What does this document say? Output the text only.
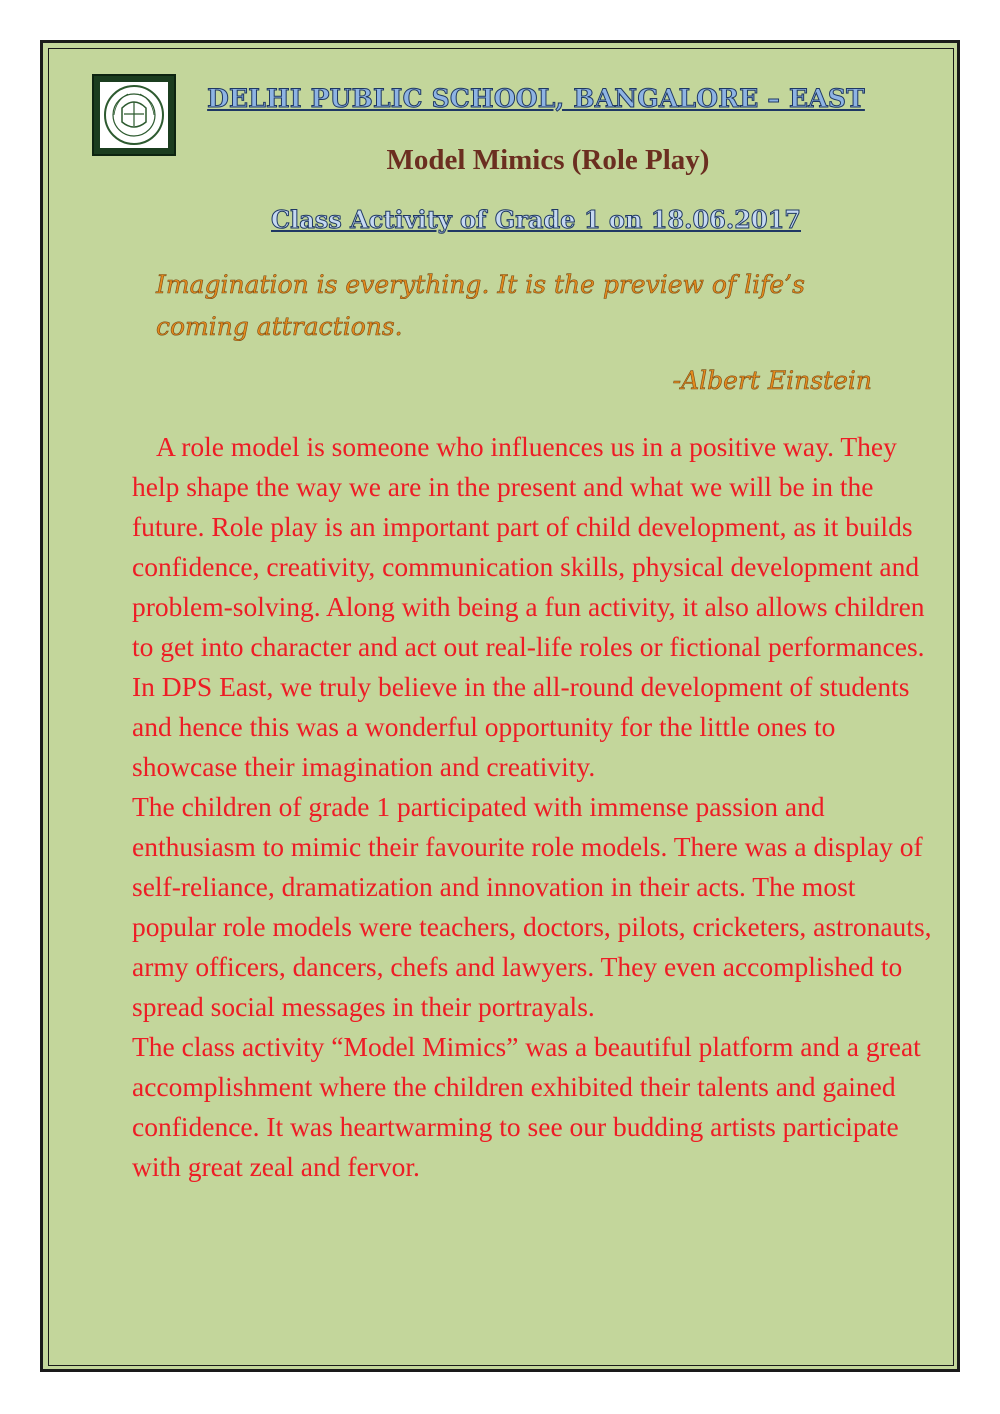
DELHI PUBLIC SCHOOL, BANGALORE – EAST
Model Mimics (Role Play)
Class Activity of Grade 1 on 18.06.2017
Imagination is everything. It is the preview of life’s coming attractions.
-Albert Einstein

A role model is someone who influences us in a positive way. They help shape the way we are in the present and what we will be in the future. Role play is an important part of child development, as it builds confidence, creativity, communication skills, physical development and problem-solving. Along with being a fun activity, it also allows children to get into character and act out real-life roles or fictional performances.

In DPS East, we truly believe in the all-round development of students and hence this was a wonderful opportunity for the little ones to showcase their imagination and creativity.

The children of grade 1 participated with immense passion and enthusiasm to mimic their favourite role models. There was a display of self-reliance, dramatization and innovation in their acts. The most popular role models were teachers, doctors, pilots, cricketers, astronauts, army officers, dancers, chefs and lawyers. They even accomplished to spread social messages in their portrayals.

The class activity “Model Mimics” was a beautiful platform and a great accomplishment where the children exhibited their talents and gained confidence. It was heartwarming to see our budding artists participate with great zeal and fervor.
